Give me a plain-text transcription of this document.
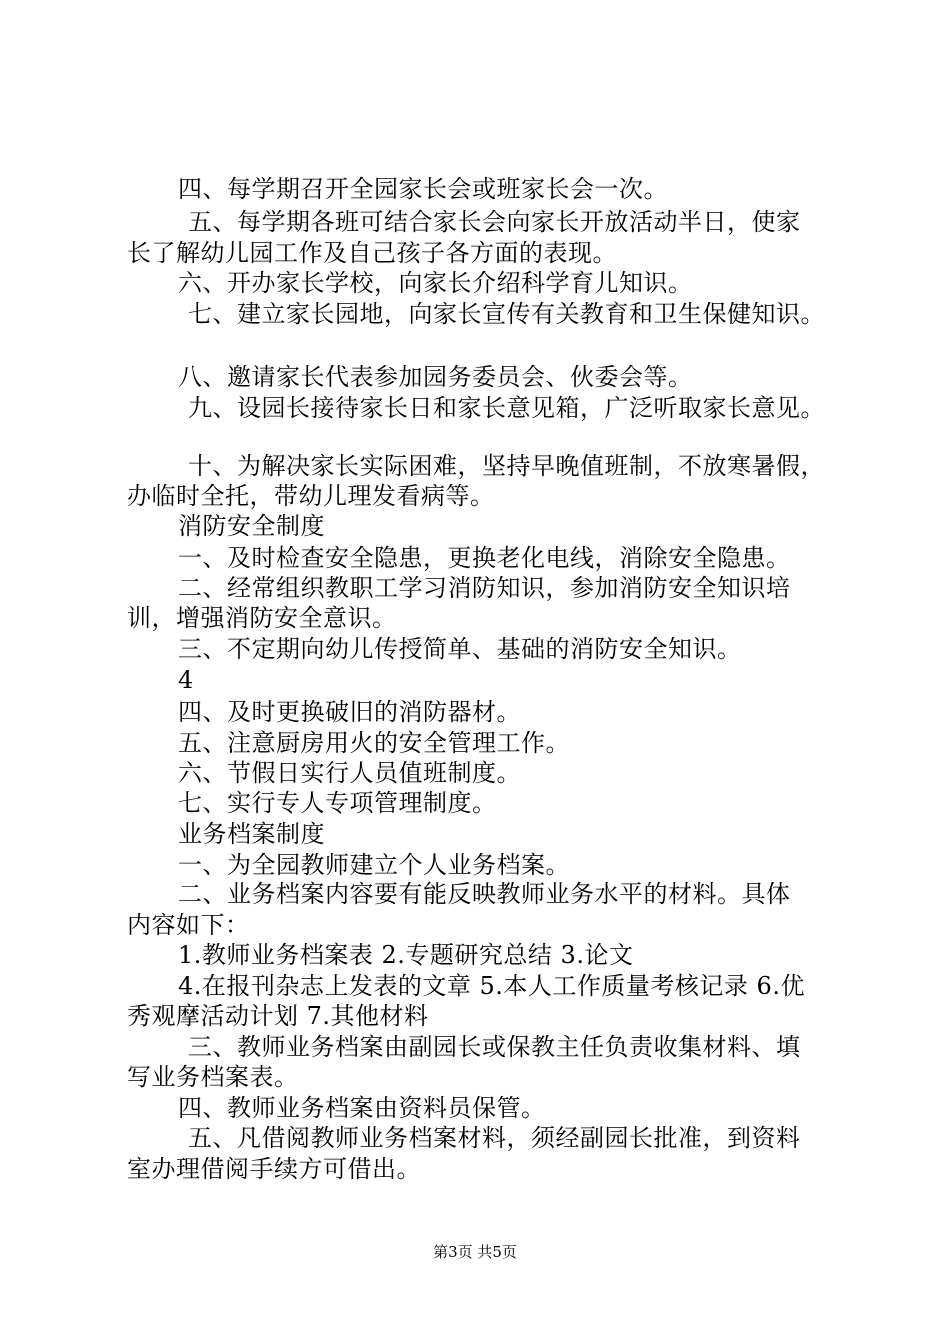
四、每学期召开全园家长会或班家长会一次。
五、每学期各班可结合家长会向家长开放活动半日，使家
长了解幼儿园工作及自己孩子各方面的表现。
六、开办家长学校，向家长介绍科学育儿知识。
七、建立家长园地，向家长宣传有关教育和卫生保健知识。
八、邀请家长代表参加园务委员会、伙委会等。
九、设园长接待家长日和家长意见箱，广泛听取家长意见。
十、为解决家长实际困难，坚持早晚值班制，不放寒暑假，
办临时全托，带幼儿理发看病等。
消防安全制度
一、及时检查安全隐患，更换老化电线，消除安全隐患。
二、经常组织教职工学习消防知识，参加消防安全知识培
训，增强消防安全意识。
三、不定期向幼儿传授简单、基础的消防安全知识。
4
四、及时更换破旧的消防器材。
五、注意厨房用火的安全管理工作。
六、节假日实行人员值班制度。
七、实行专人专项管理制度。
业务档案制度
一、为全园教师建立个人业务档案。
二、业务档案内容要有能反映教师业务水平的材料。具体
内容如下：
1.教师业务档案表 2.专题研究总结 3.论文
4.在报刊杂志上发表的文章 5.本人工作质量考核记录 6.优
秀观摩活动计划 7.其他材料
三、教师业务档案由副园长或保教主任负责收集材料、填
写业务档案表。
四、教师业务档案由资料员保管。
五、凡借阅教师业务档案材料，须经副园长批准，到资料
室办理借阅手续方可借出。
第3页 共5页
